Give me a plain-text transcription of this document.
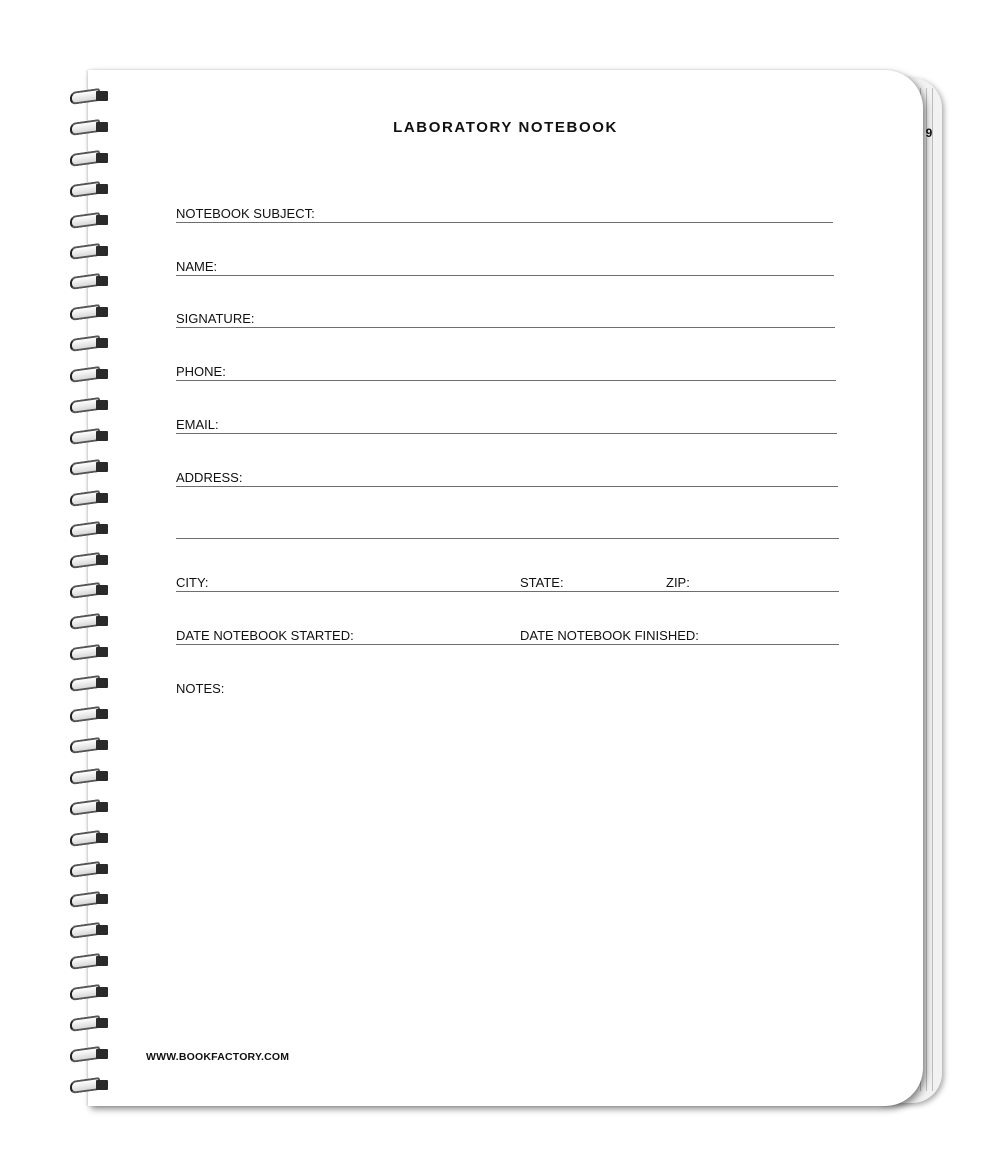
9
LABORATORY NOTEBOOK
NOTEBOOK SUBJECT:
NAME:
SIGNATURE:
PHONE:
EMAIL:
ADDRESS:
CITY:	STATE:	ZIP:
DATE NOTEBOOK STARTED:	DATE NOTEBOOK FINISHED:
NOTES:
WWW.BOOKFACTORY.COM
